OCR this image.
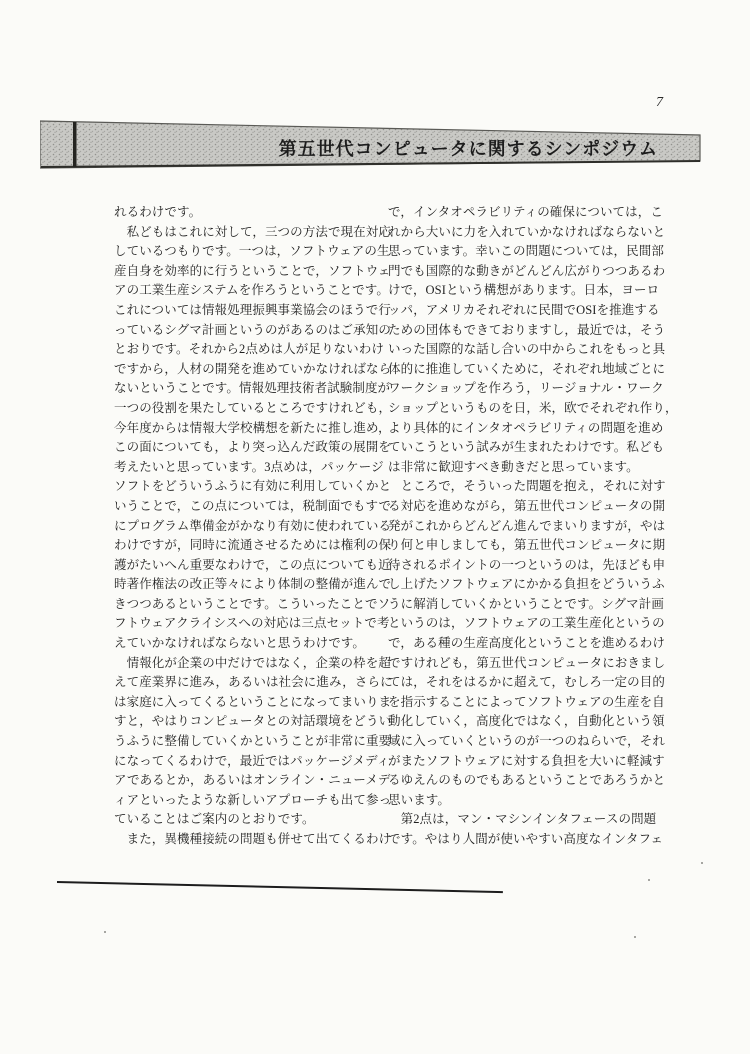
7
第五世代コンピュータに関するシンポジウム
れるわけです。
　私どもはこれに対して，三つの方法で現在対応
しているつもりです。一つは，ソフトウェアの生
産自身を効率的に行うということで，ソフトウェ
アの工業生産システムを作ろうということです。
これについては情報処理振興事業協会のほうで行
っているシグマ計画というのがあるのはご承知の
とおりです。それから2点めは人が足りないわけ
ですから，人材の開発を進めていかなければなら
ないということです。情報処理技術者試験制度が
一つの役割を果たしているところですけれども，
今年度からは情報大学校構想を新たに推し進め，
この面についても，より突っ込んだ政策の展開を
考えたいと思っています。3点めは，パッケージ
ソフトをどういうふうに有効に利用していくかと
いうことで，この点については，税制面でもすで
にプログラム準備金がかなり有効に使われている
わけですが，同時に流通させるためには権利の保
護がたいへん重要なわけで，この点についても近
時著作権法の改正等々により体制の整備が進んで
きつつあるということです。こういったことでソ
フトウェアクライシスへの対応は三点セットで考
えていかなければならないと思うわけです。
　情報化が企業の中だけではなく，企業の枠を超
えて産業界に進み，あるいは社会に進み，さらに
は家庭に入ってくるということになってまいりま
すと，やはりコンピュータとの対話環境をどうい
うふうに整備していくかということが非常に重要
になってくるわけで，最近ではパッケージメディ
アであるとか，あるいはオンライン・ニューメデ
ィアといったような新しいアプローチも出て参っ
ていることはご案内のとおりです。
　また，異機種接続の問題も併せて出てくるわけ
で，インタオペラビリティの確保については，こ
れから大いに力を入れていかなければならないと
思っています。幸いこの問題については，民間部
門でも国際的な動きがどんどん広がりつつあるわ
けで，OSIという構想があります。日本，ヨーロ
ッパ，アメリカそれぞれに民間でOSIを推進する
ための団体もできておりますし，最近では，そう
いった国際的な話し合いの中からこれをもっと具
体的に推進していくために，それぞれ地域ごとに
ワークショップを作ろう，リージョナル・ワーク
ショップというものを日，米，欧でそれぞれ作り，
より具体的にインタオペラビリティの問題を進め
ていこうという試みが生まれたわけです。私ども
は非常に歓迎すべき動きだと思っています。
　ところで，そういった問題を抱え，それに対す
る対応を進めながら，第五世代コンピュータの開
発がこれからどんどん進んでまいりますが，やは
り何と申しましても，第五世代コンピュータに期
待されるポイントの一つというのは，先ほども申
し上げたソフトウェアにかかる負担をどういうふ
うに解消していくかということです。シグマ計画
というのは，ソフトウェアの工業生産化というの
で，ある種の生産高度化ということを進めるわけ
ですけれども，第五世代コンピュータにおきまし
ては，それをはるかに超えて，むしろ一定の目的
を指示することによってソフトウェアの生産を自
動化していく，高度化ではなく，自動化という領
域に入っていくというのが一つのねらいで，それ
がまたソフトウェアに対する負担を大いに軽減す
るゆえんのものでもあるということであろうかと
思います。
　第2点は，マン・マシンインタフェースの問題
です。やはり人間が使いやすい高度なインタフェ
